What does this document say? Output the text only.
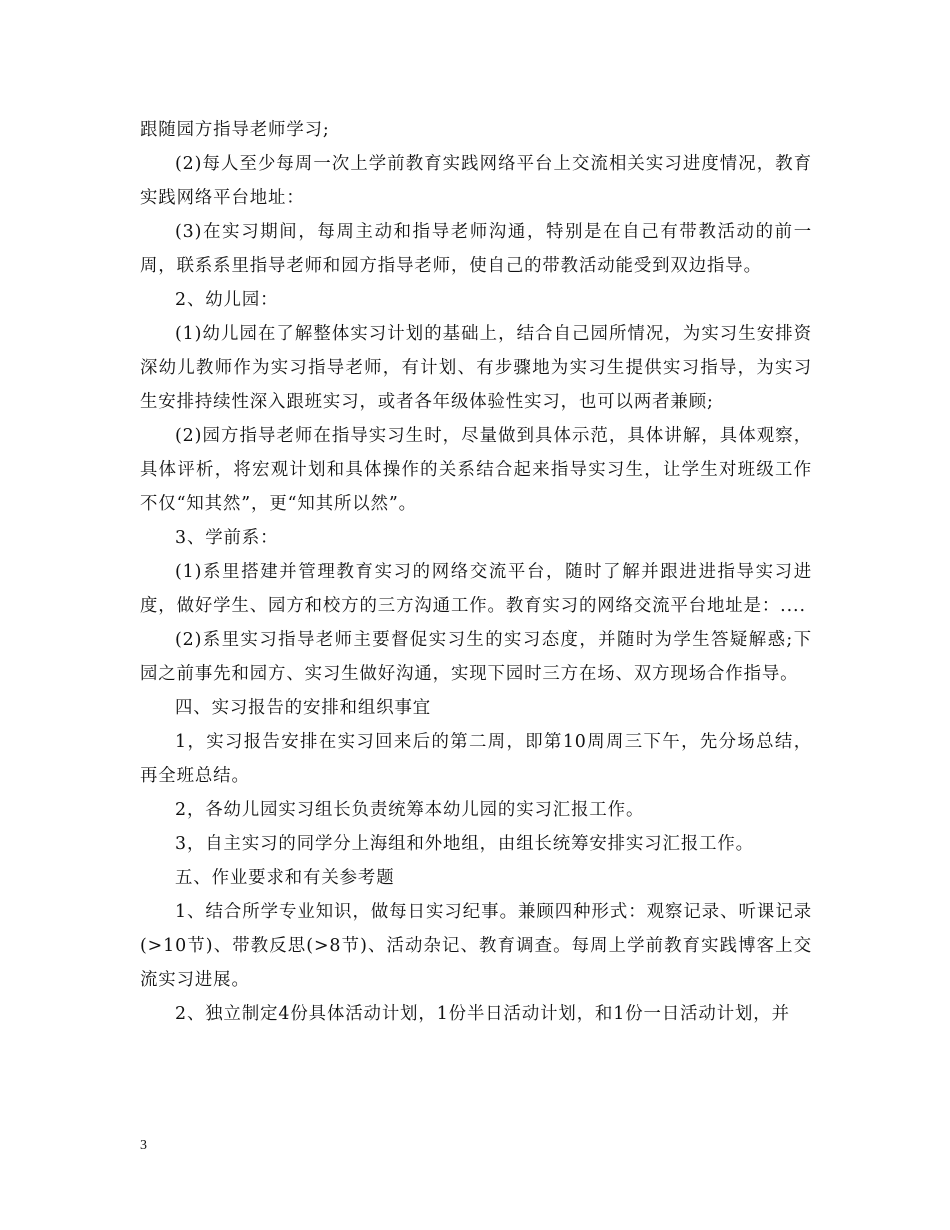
跟随园方指导老师学习;

(2)每人至少每周一次上学前教育实践网络平台上交流相关实习进度情况，教育实践网络平台地址：

(3)在实习期间，每周主动和指导老师沟通，特别是在自己有带教活动的前一周，联系系里指导老师和园方指导老师，使自己的带教活动能受到双边指导。

2、幼儿园：

(1)幼儿园在了解整体实习计划的基础上，结合自己园所情况，为实习生安排资深幼儿教师作为实习指导老师，有计划、有步骤地为实习生提供实习指导，为实习生安排持续性深入跟班实习，或者各年级体验性实习，也可以两者兼顾;

(2)园方指导老师在指导实习生时，尽量做到具体示范，具体讲解，具体观察，具体评析，将宏观计划和具体操作的关系结合起来指导实习生，让学生对班级工作不仅“知其然”，更“知其所以然”。

3、学前系：

(1)系里搭建并管理教育实习的网络交流平台，随时了解并跟进进指导实习进度，做好学生、园方和校方的三方沟通工作。教育实习的网络交流平台地址是：....

(2)系里实习指导老师主要督促实习生的实习态度，并随时为学生答疑解惑;下园之前事先和园方、实习生做好沟通，实现下园时三方在场、双方现场合作指导。

四、实习报告的安排和组织事宜

1，实习报告安排在实习回来后的第二周，即第10周周三下午，先分场总结，再全班总结。

2，各幼儿园实习组长负责统筹本幼儿园的实习汇报工作。

3，自主实习的同学分上海组和外地组，由组长统筹安排实习汇报工作。

五、作业要求和有关参考题

1、结合所学专业知识，做每日实习纪事。兼顾四种形式：观察记录、听课记录(>10节)、带教反思(>8节)、活动杂记、教育调查。每周上学前教育实践博客上交流实习进展。

2、独立制定4份具体活动计划，1份半日活动计划，和1份一日活动计划，并

3
